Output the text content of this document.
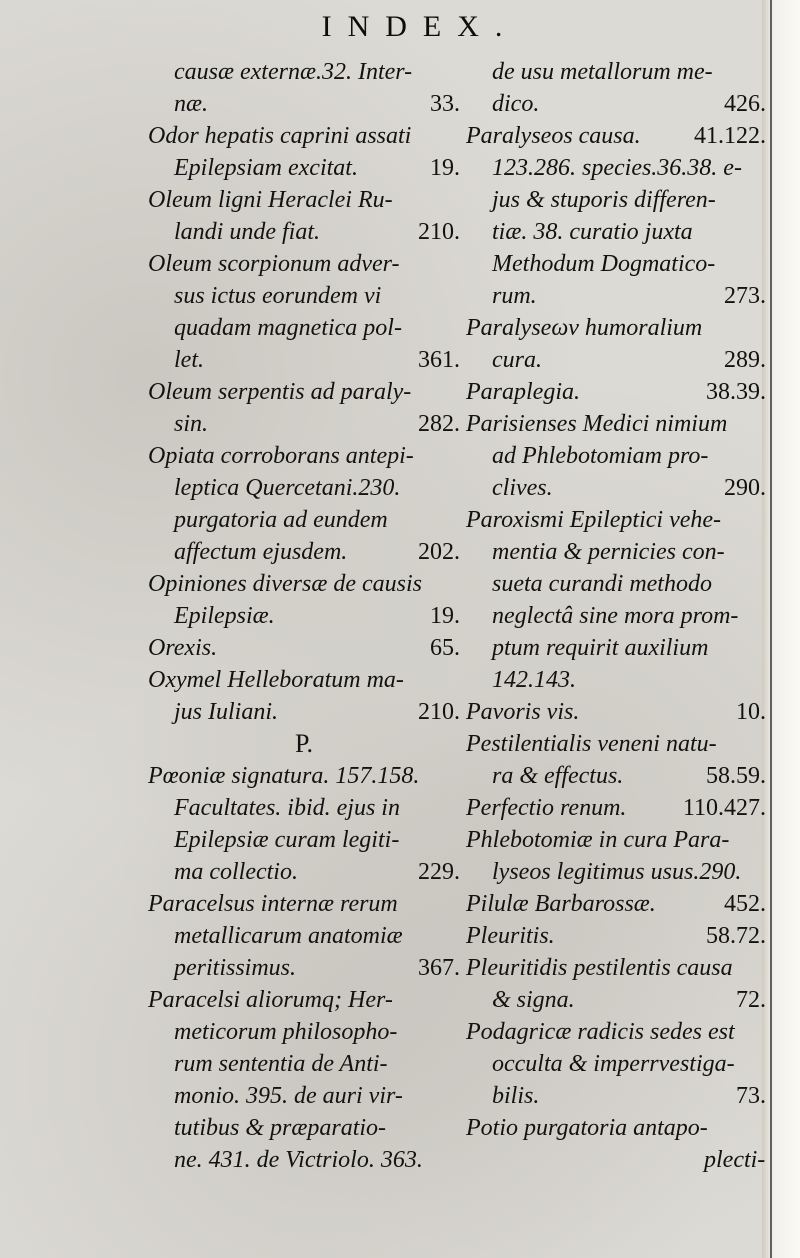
INDEX.
causæ externæ.32. Inter-
næ.	33.
Odor hepatis caprini assati
Epilepsiam excitat.	19.
Oleum ligni Heraclei Ru-
landi unde fiat.	210.
Oleum scorpionum adver-
sus ictus eorundem vi
quadam magnetica pol-
let.	361.
Oleum serpentis ad paraly-
sin.	282.
Opiata corroborans antepi-
leptica Quercetani.230.
purgatoria ad eundem
affectum ejusdem.	202.
Opiniones diversæ de causis
Epilepsiæ.	19.
Orexis.	65.
Oxymel Helleboratum ma-
jus Iuliani.	210.
P.
Pœoniæ signatura. 157.158.
Facultates. ibid. ejus in
Epilepsiæ curam legiti-
ma collectio.	229.
Paracelsus internæ rerum
metallicarum anatomiæ
peritissimus.	367.
Paracelsi aliorumq; Her-
meticorum philosopho-
rum sententia de Anti-
monio. 395. de auri vir-
tutibus & præparatio-
ne. 431. de Victriolo. 363.
de usu metallorum me-
dico.	426.
Paralyseos causa. 41.122.
123.286. species.36.38. e-
jus & stuporis differen-
tiæ. 38. curatio juxta
Methodum Dogmatico-
rum.	273.
Paralyseων humoralium
cura.	289.
Paraplegia.	38.39.
Parisienses Medici nimium
ad Phlebotomiam pro-
clives.	290.
Paroxismi Epileptici vehe-
mentia & pernicies con-
sueta curandi methodo
neglectâ sine mora prom-
ptum requirit auxilium
142.143.
Pavoris vis.	10.
Pestilentialis veneni natu-
ra & effectus.	58.59.
Perfectio renum. 110.427.
Phlebotomiæ in cura Para-
lyseos legitimus usus.290.
Pilulæ Barbarossæ.	452.
Pleuritis.	58.72.
Pleuritidis pestilentis causa
& signa.	72.
Podagricæ radicis sedes est
occulta & imperrvestiga-
bilis.	73.
Potio purgatoria antapo-
plecti-
